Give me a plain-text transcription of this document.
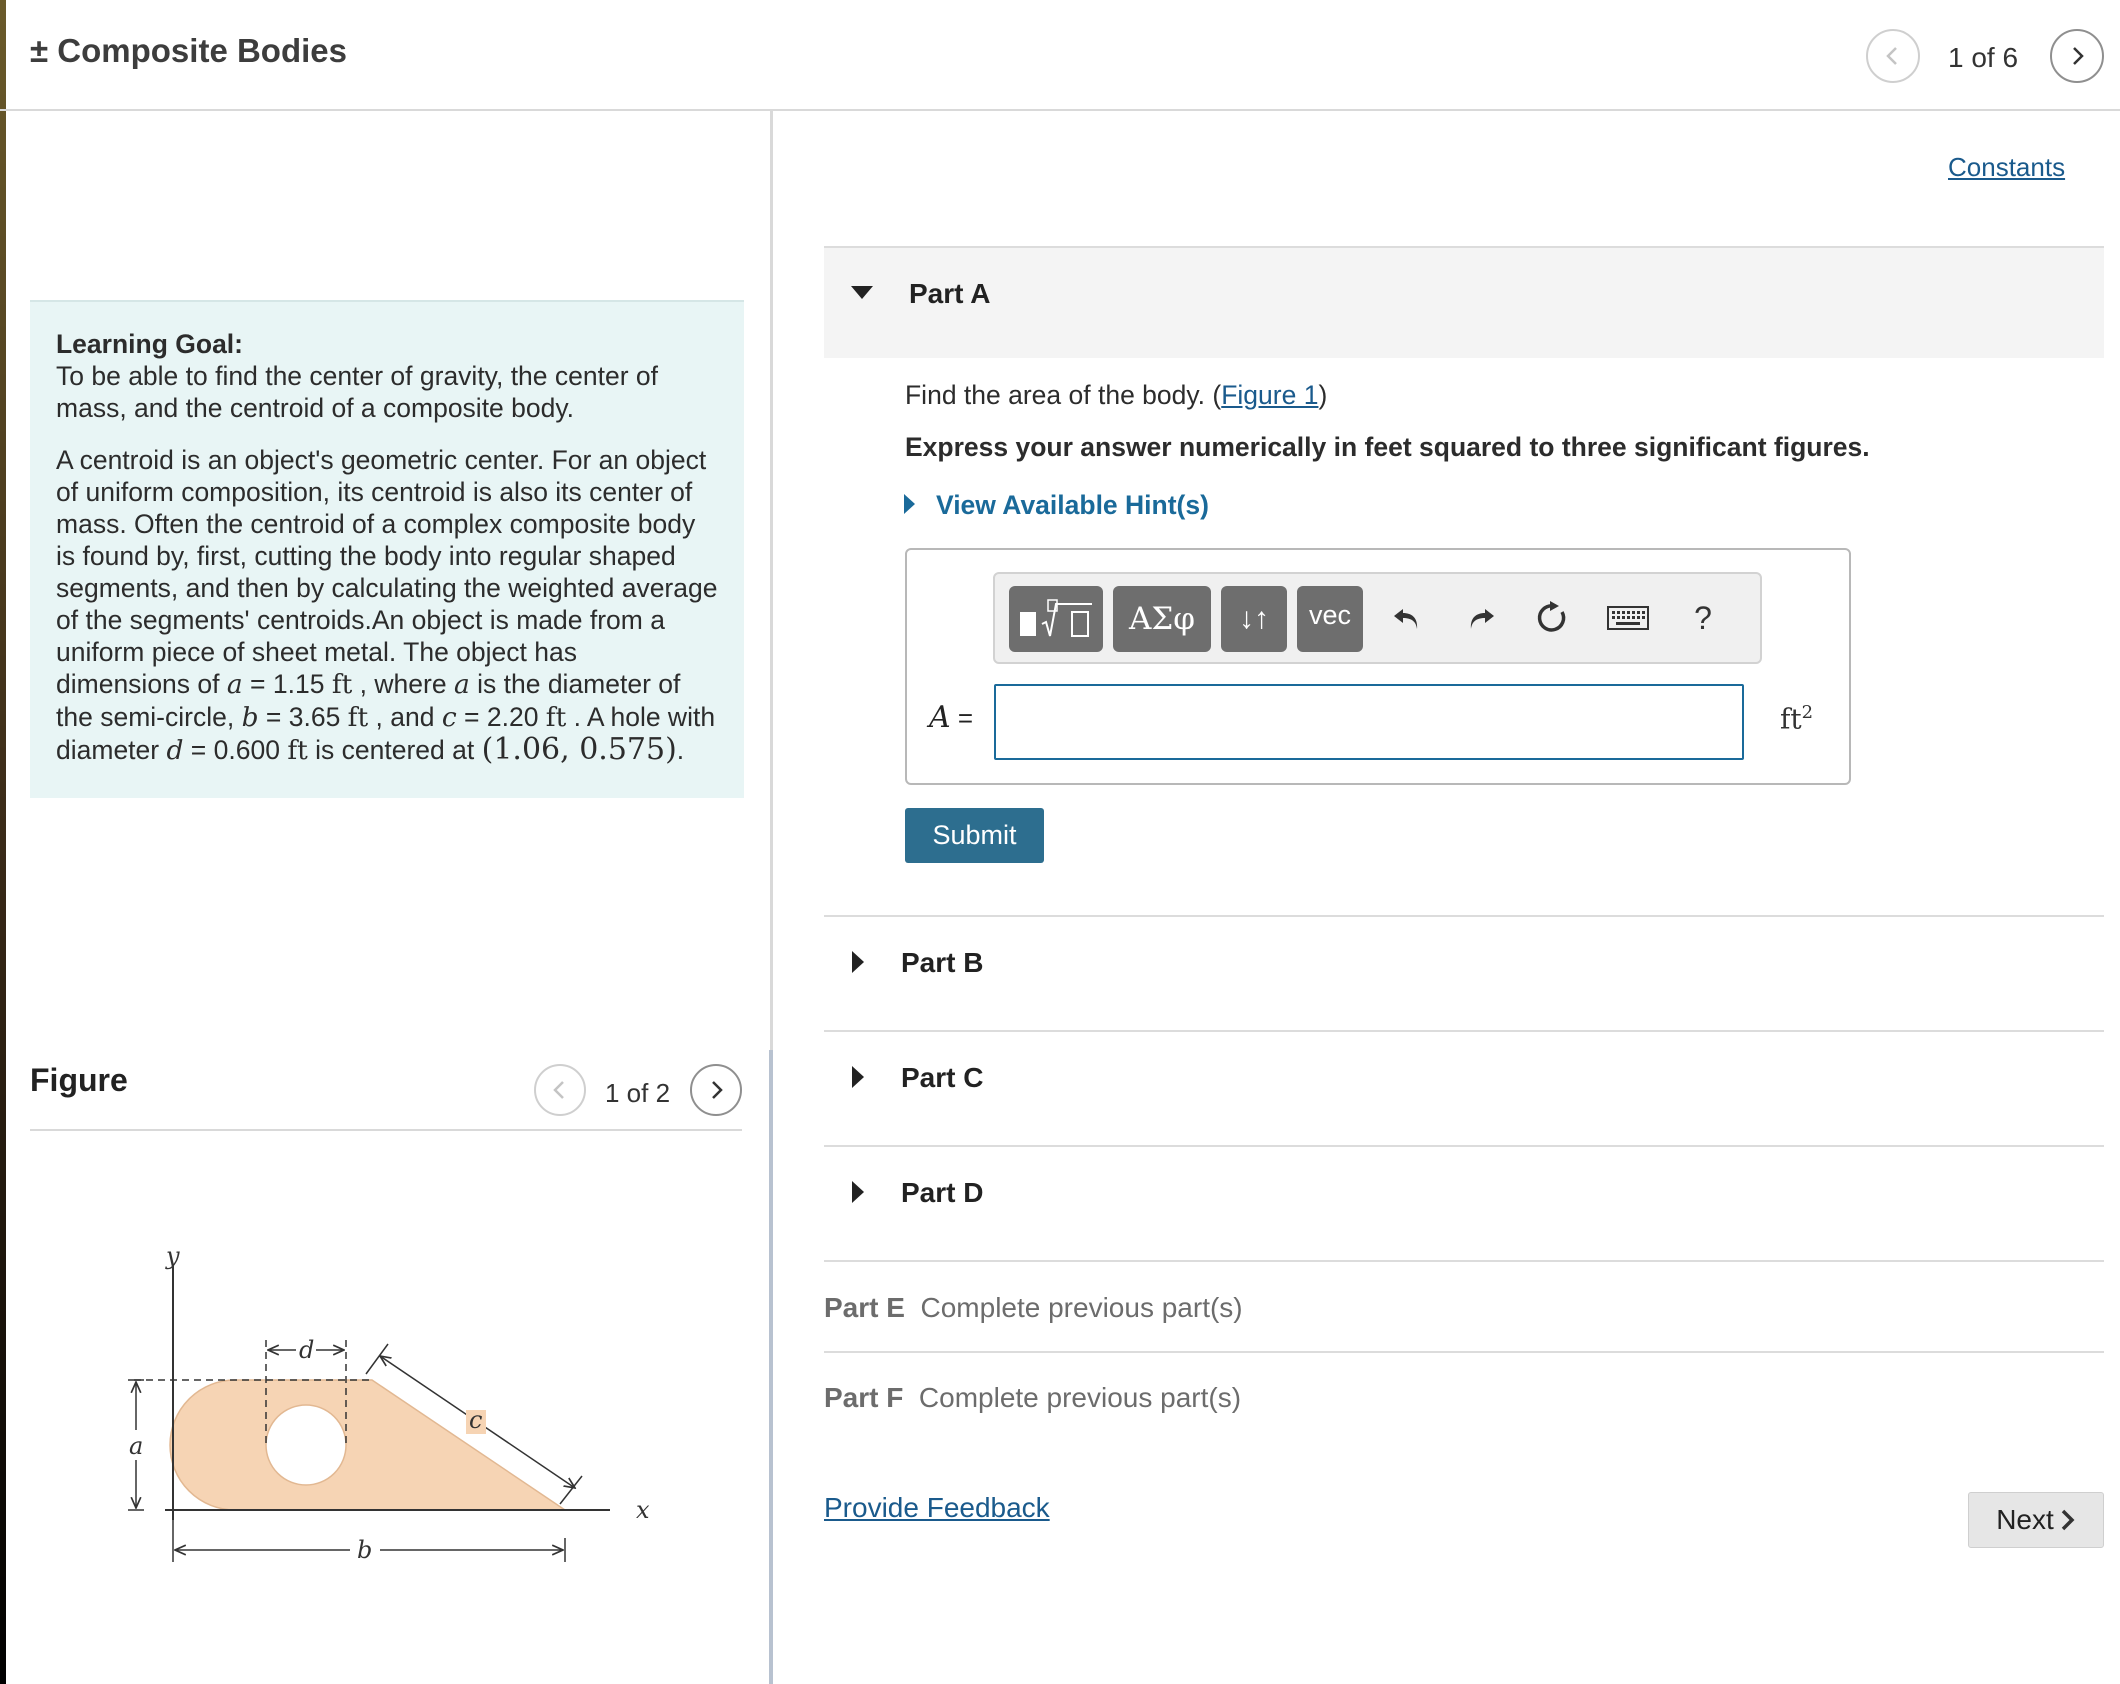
± Composite Bodies	1 of 6
Learning Goal:
To be able to find the center of gravity, the center of mass, and the centroid of a composite body.
A centroid is an object's geometric center. For an object of uniform composition, its centroid is also its center of mass. Often the centroid of a complex composite body is found by, first, cutting the body into regular shaped segments, and then by calculating the weighted average of the segments' centroids.An object is made from a uniform piece of sheet metal. The object has dimensions of a = 1.15 ft , where a is the diameter of the semi-circle, b = 3.65 ft , and c = 2.20 ft . A hole with diameter d = 0.600 ft is centered at (1.06, 0.575).
Figure	1 of 2
y
x
a
d
c
b
Constants
Part A
Find the area of the body. (Figure 1)
Express your answer numerically in feet squared to three significant figures.
View Available Hint(s)
ΑΣφ	↓↑	vec	?
A =	$ft^2$
Submit
Part B
Part C
Part D
Part E Complete previous part(s)
Part F Complete previous part(s)
Provide Feedback	Next
